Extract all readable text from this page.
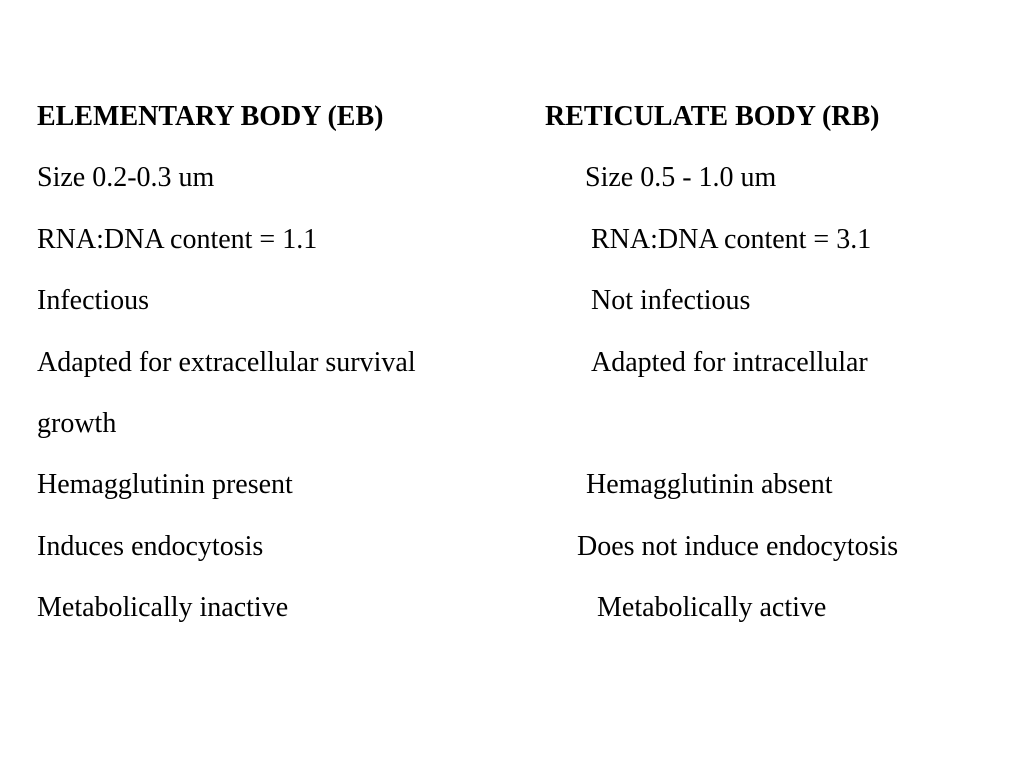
ELEMENTARY BODY (EB)	RETICULATE BODY (RB)
Size 0.2-0.3 um	Size 0.5 - 1.0 um
RNA:DNA content = 1.1	RNA:DNA content = 3.1
Infectious	Not infectious
Adapted for extracellular survival	Adapted for intracellular
growth
Hemagglutinin present	Hemagglutinin absent
Induces endocytosis	Does not induce endocytosis
Metabolically inactive	Metabolically active
